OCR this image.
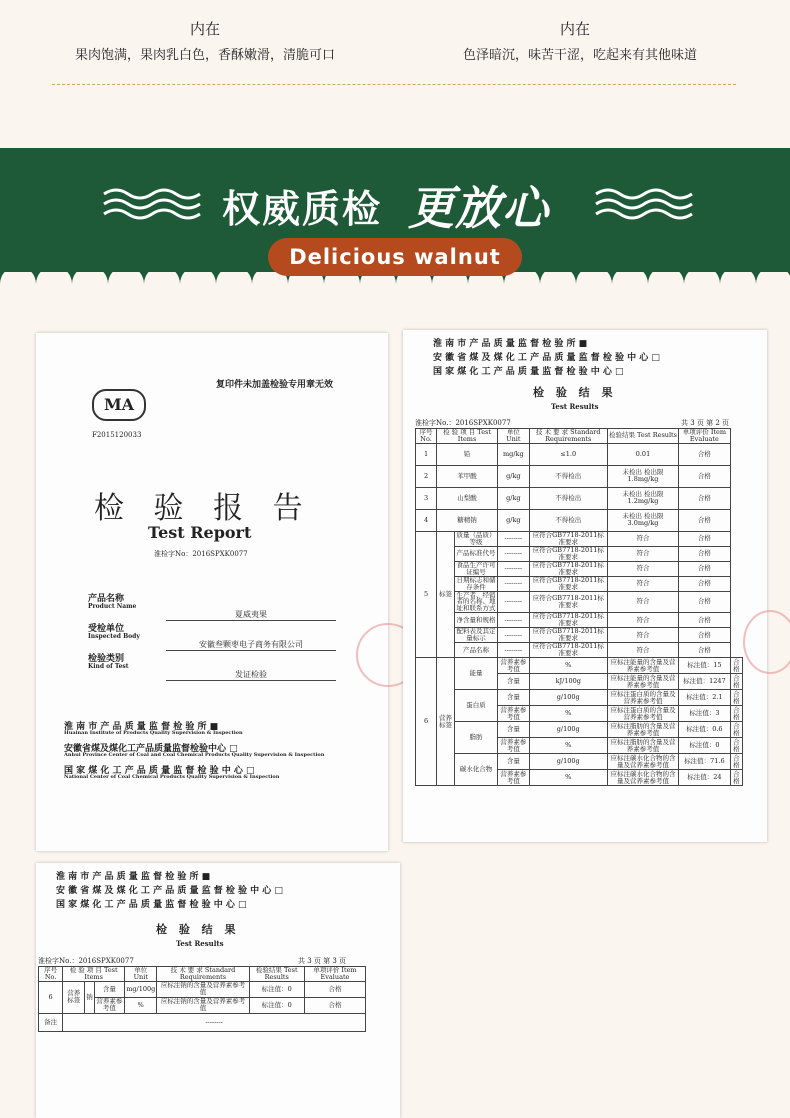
内在
果肉饱满，果肉乳白色，香酥嫩滑，清脆可口
内在
色泽暗沉，味苦干涩，吃起来有其他味道
权威质检 更放心
Delicious walnut
复印件未加盖检验专用章无效
MA
F2015120033
检 验 报 告
Test Report
淮检字No：2016SPXK0077
产品名称
Product Name
夏威夷果
受检单位
Inspected Body
安徽叁颗枣电子商务有限公司
检验类别
Kind of Test
发证检验
淮 南 市 产 品 质 量 监 督 检 验 所 ■
Huainan Institute of Products Quality Supervision & Inspection
安徽省煤及煤化工产品质量监督检验中心 □
Anhui Province Center of Coal and Coal Chemical Products Quality Supervision & Inspection
国 家 煤 化 工 产 品 质 量 监 督 检 验 中 心 □
National Center of Coal Chemical Products Quality Supervision & Inspection
淮 南 市 产 品 质 量 监 督 检 验 所 ■
安 徽 省 煤 及 煤 化 工 产 品 质 量 监 督 检 验 中 心 □
国 家 煤 化 工 产 品 质 量 监 督 检 验 中 心 □
检 验 结 果
Test Results
淮检字No.：2016SPXK0077	共 3 页 第 2 页
序号 No.	检 验 项 目 Test Items		单位 Unit	技 术 要 求 Standard Requirements	检验结果 Test Results	单项评价 Item Evaluate	
1	铅		mg/kg	≤1.0	0.01	合格	
2	苯甲酸		g/kg	不得检出	未检出 检出限1.8mg/kg	合格	
3	山梨酸		g/kg	不得检出	未检出 检出限1.2mg/kg	合格	
4	糖精钠		g/kg	不得检出	未检出 检出限3.0mg/kg	合格	
5	标签	质量（品质）等级	--------	应符合GB7718-2011标准要求	符合	合格	
		产品标准代号	--------	应符合GB7718-2011标准要求	符合	合格	
		食品生产许可证编号	--------	应符合GB7718-2011标准要求	符合	合格	
		日期标志和储存条件	--------	应符合GB7718-2011标准要求	符合	合格	
		生产者、经销者的名称、地址和联系方式	--------	应符合GB7718-2011标准要求	符合	合格	
		净含量和规格	--------	应符合GB7718-2011标准要求	符合	合格	
		配料表及其定量标示	--------	应符合GB7718-2011标准要求	符合	合格	
		产品名称	--------	应符合GB7718-2011标准要求	符合	合格	
6	营养标签	能量	营养素参考值	%	应标注能量的含量及营养素参考值	标注值：15	合格
			含量	kJ/100g	应标注能量的含量及营养素参考值	标注值：1247	合格
		蛋白质	含量	g/100g	应标注蛋白质的含量及营养素参考值	标注值：2.1	合格
			营养素参考值	%	应标注蛋白质的含量及营养素参考值	标注值：3	合格
		脂肪	含量	g/100g	应标注脂肪的含量及营养素参考值	标注值：0.6	合格
			营养素参考值	%	应标注脂肪的含量及营养素参考值	标注值：0	合格
		碳水化合物	含量	g/100g	应标注碳水化合物的含量及营养素参考值	标注值：71.6	合格
			营养素参考值	%	应标注碳水化合物的含量及营养素参考值	标注值：24	合格
淮 南 市 产 品 质 量 监 督 检 验 所 ■
安 徽 省 煤 及 煤 化 工 产 品 质 量 监 督 检 验 中 心 □
国 家 煤 化 工 产 品 质 量 监 督 检 验 中 心 □
检 验 结 果
Test Results
淮检字No.：2016SPXK0077	共 3 页 第 3 页
序号 No.	检 验 项 目 Test Items			单位 Unit	技 术 要 求 Standard Requirements	检验结果 Test Results	单项评价 Item Evaluate
6	营养标签	钠	含量	mg/100g	应标注钠的含量及营养素参考值	标注值：0	合格
			营养素参考值	%	应标注钠的含量及营养素参考值	标注值：0	合格
备注	--------						
